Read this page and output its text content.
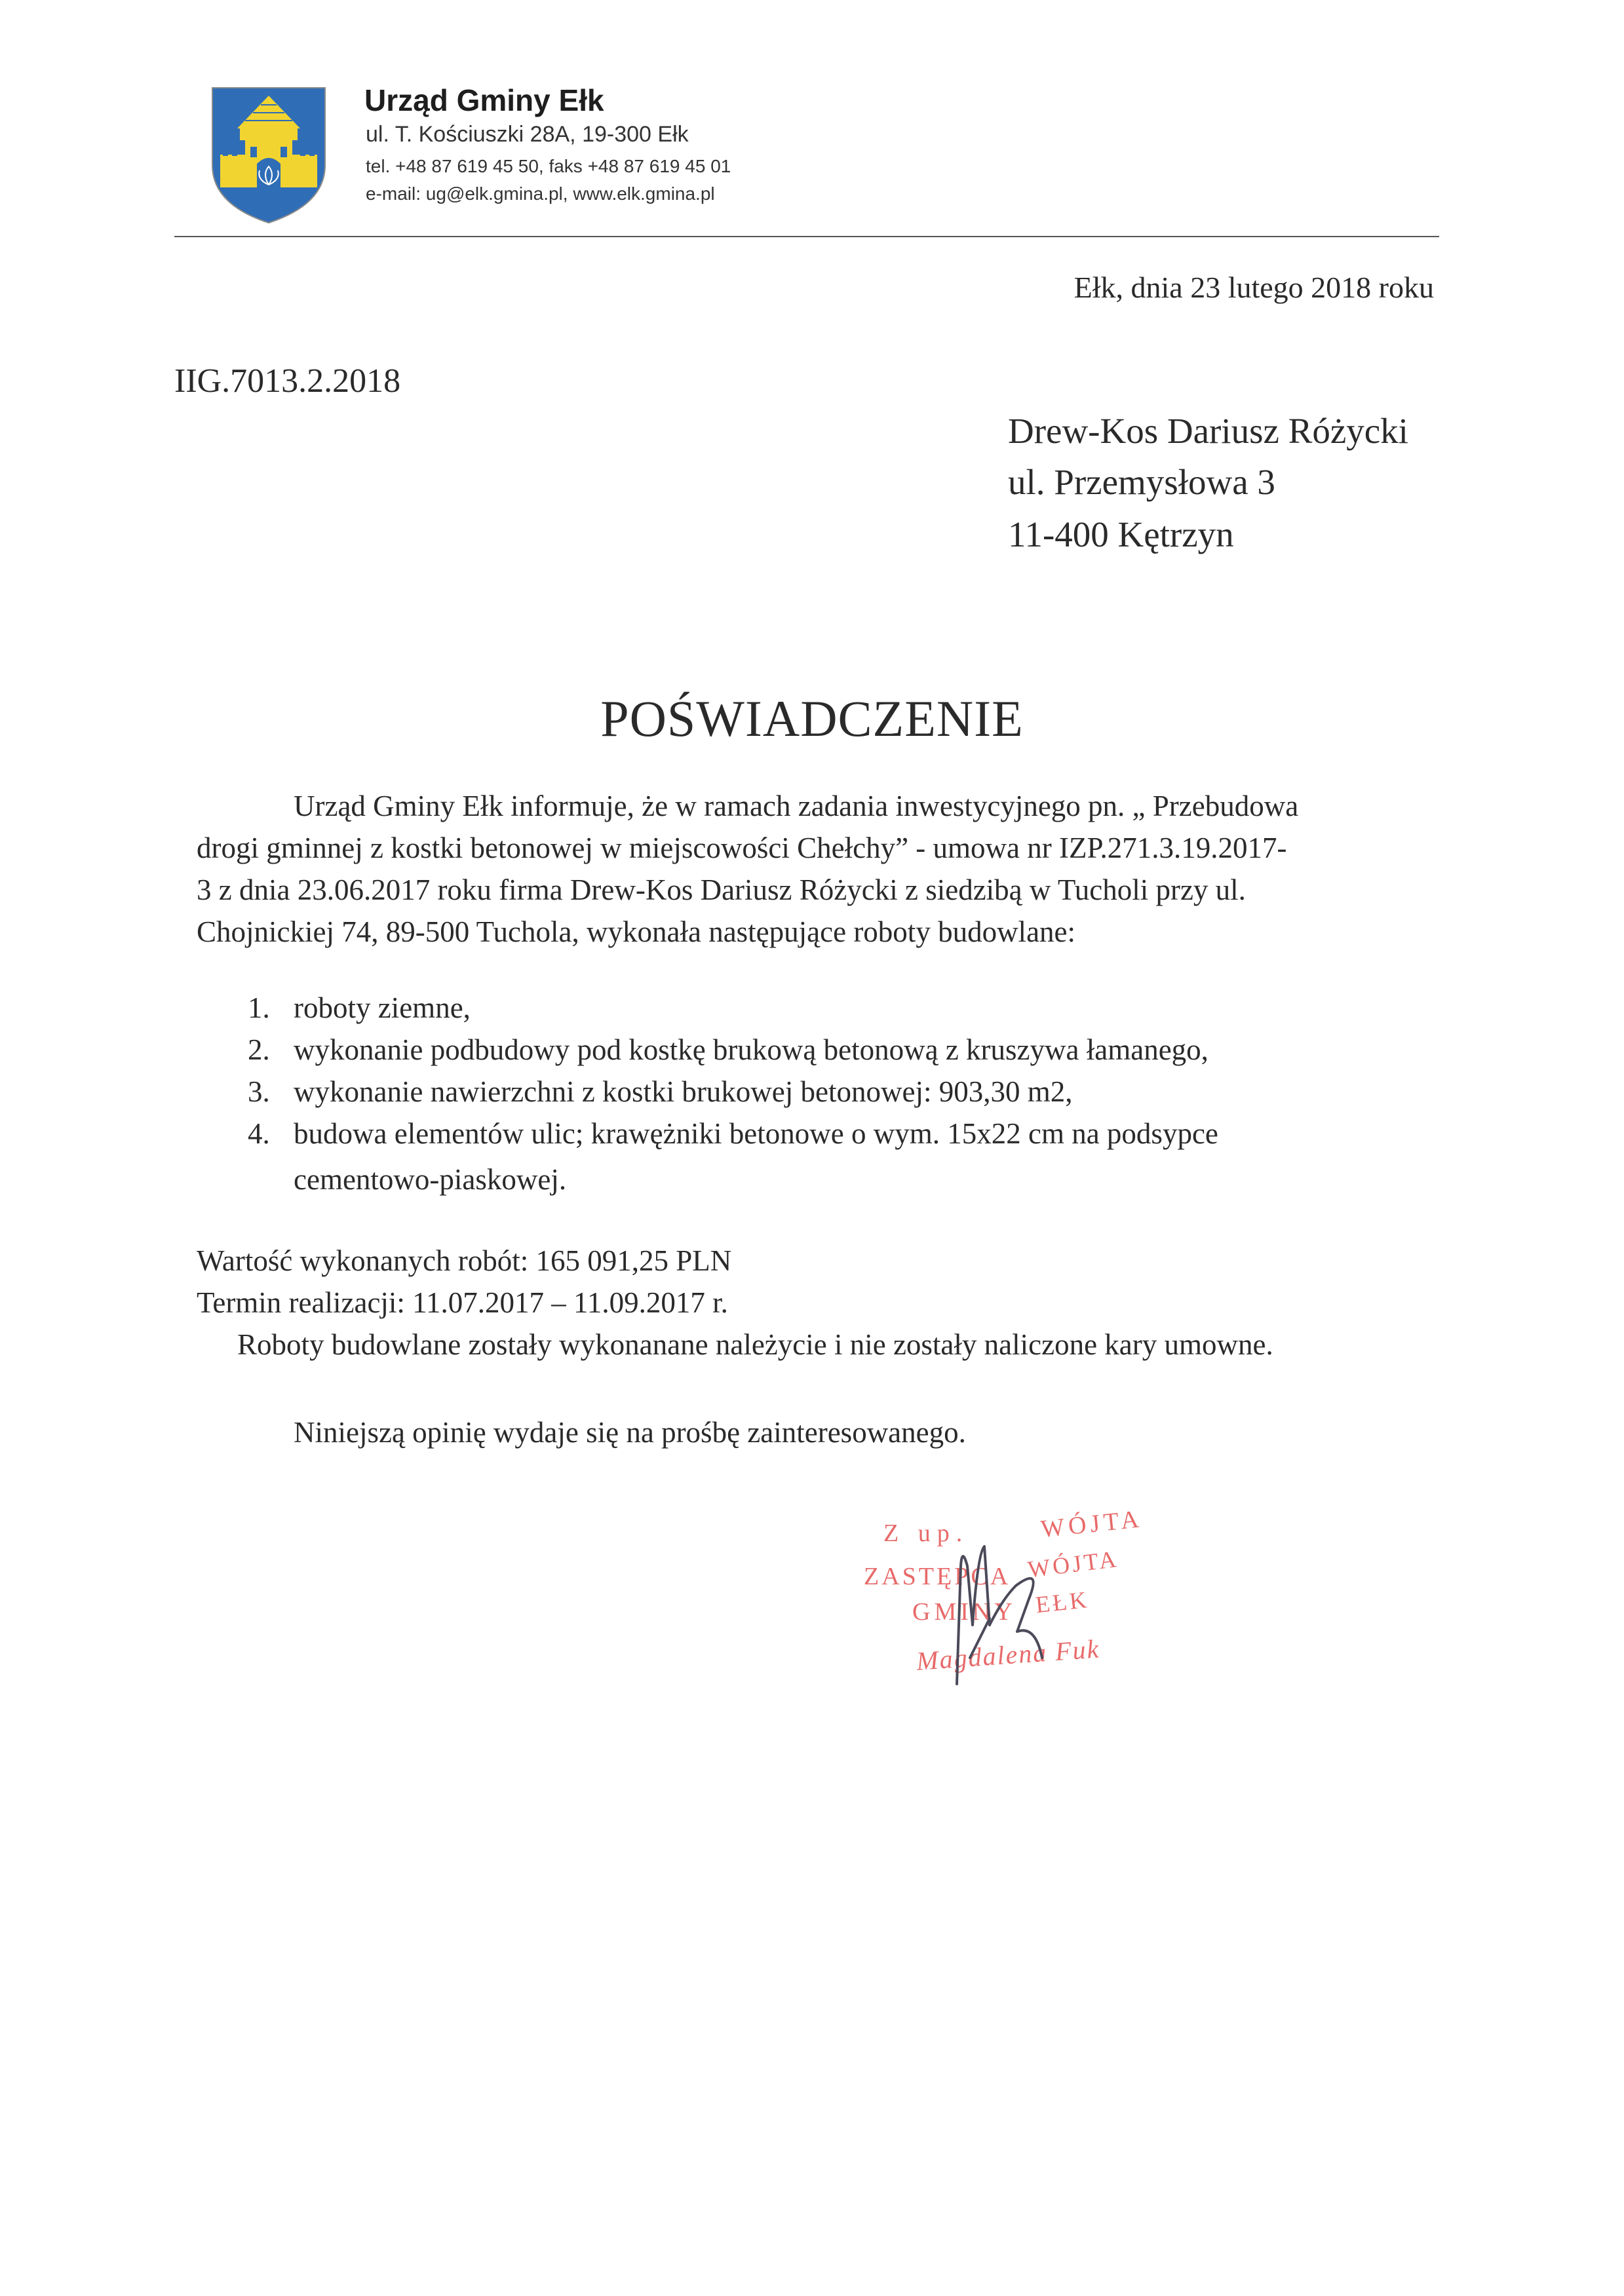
Urząd Gminy Ełk
ul. T. Kościuszki 28A, 19-300 Ełk
tel. +48 87 619 45 50, faks +48 87 619 45 01
e-mail: ug@elk.gmina.pl, www.elk.gmina.pl
Ełk, dnia 23 lutego 2018 roku
IIG.7013.2.2018
Drew-Kos Dariusz Różycki
ul. Przemysłowa 3
11-400 Kętrzyn
POŚWIADCZENIE
Urząd Gminy Ełk informuje, że w ramach zadania inwestycyjnego pn. „ Przebudowa
drogi gminnej z kostki betonowej w miejscowości Chełchy” - umowa nr IZP.271.3.19.2017-
3 z dnia 23.06.2017 roku firma Drew-Kos Dariusz Różycki z siedzibą w Tucholi przy ul.
Chojnickiej 74, 89-500 Tuchola, wykonała następujące roboty budowlane:
1. roboty ziemne,
2. wykonanie podbudowy pod kostkę brukową betonową z kruszywa łamanego,
3. wykonanie nawierzchni z kostki brukowej betonowej: 903,30 m2,
4. budowa elementów ulic; krawężniki betonowe o wym. 15x22 cm na podsypce
cementowo-piaskowej.
Wartość wykonanych robót: 165 091,25 PLN
Termin realizacji: 11.07.2017 – 11.09.2017 r.
Roboty budowlane zostały wykonanane należycie i nie zostały naliczone kary umowne.
Niniejszą opinię wydaje się na prośbę zainteresowanego.
Z up.	WÓJTA
ZASTĘPCA WÓJTA
GMINY EŁK
Magdalena Fuk
